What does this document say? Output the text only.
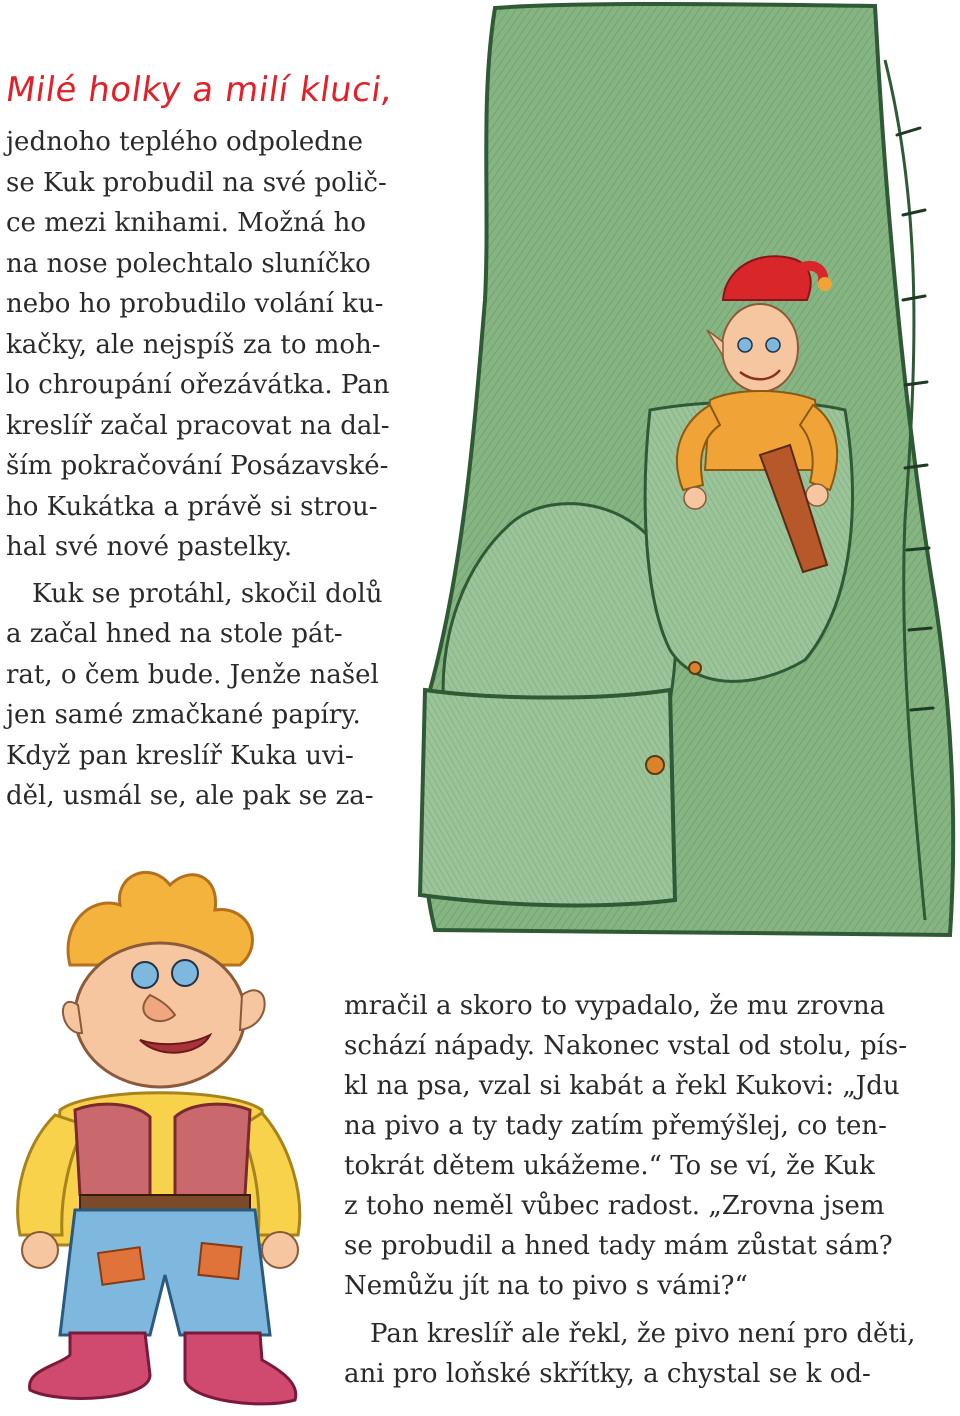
Milé holky a milí kluci,

jednoho teplého odpoledne
se Kuk probudil na své polič-
ce mezi knihami. Možná ho
na nose polechtalo sluníčko
nebo ho probudilo volání ku-
kačky, ale nejspíš za to moh-
lo chroupání ořezávátka. Pan
kreslíř začal pracovat na dal-
ším pokračování Posázavské-
ho Kukátka a právě si strou-
hal své nové pastelky.

Kuk se protáhl, skočil dolů
a začal hned na stole pát-
rat, o čem bude. Jenže našel
jen samé zmačkané papíry.
Když pan kreslíř Kuka uvi-
děl, usmál se, ale pak se za-

mračil a skoro to vypadalo, že mu zrovna
schází nápady. Nakonec vstal od stolu, pís-
kl na psa, vzal si kabát a řekl Kukovi: „Jdu
na pivo a ty tady zatím přemýšlej, co ten-
tokrát dětem ukážeme.“ To se ví, že Kuk
z toho neměl vůbec radost. „Zrovna jsem
se probudil a hned tady mám zůstat sám?
Nemůžu jít na to pivo s vámi?“

Pan kreslíř ale řekl, že pivo není pro děti,
ani pro loňské skřítky, a chystal se k od-
